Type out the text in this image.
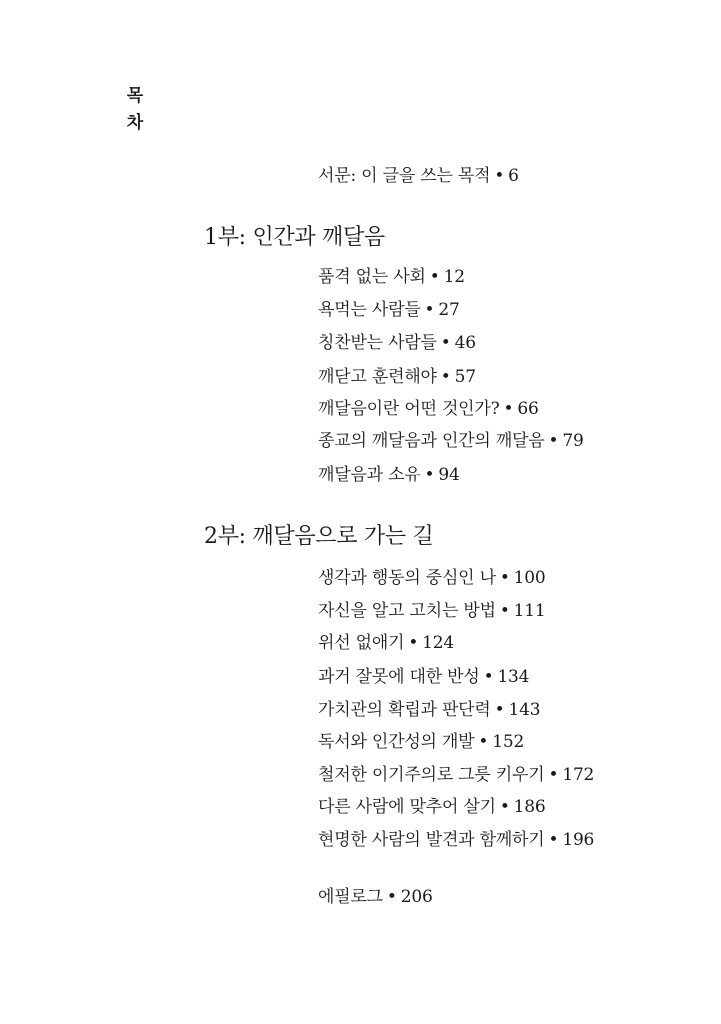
목
차
서문: 이 글을 쓰는 목적 • 6
1부: 인간과 깨달음
품격 없는 사회 • 12
욕먹는 사람들 • 27
칭찬받는 사람들 • 46
깨닫고 훈련해야 • 57
깨달음이란 어떤 것인가? • 66
종교의 깨달음과 인간의 깨달음 • 79
깨달음과 소유 • 94
2부: 깨달음으로 가는 길
생각과 행동의 중심인 나 • 100
자신을 알고 고치는 방법 • 111
위선 없애기 • 124
과거 잘못에 대한 반성 • 134
가치관의 확립과 판단력 • 143
독서와 인간성의 개발 • 152
철저한 이기주의로 그릇 키우기 • 172
다른 사람에 맞추어 살기 • 186
현명한 사람의 발견과 함께하기 • 196
에필로그 • 206
